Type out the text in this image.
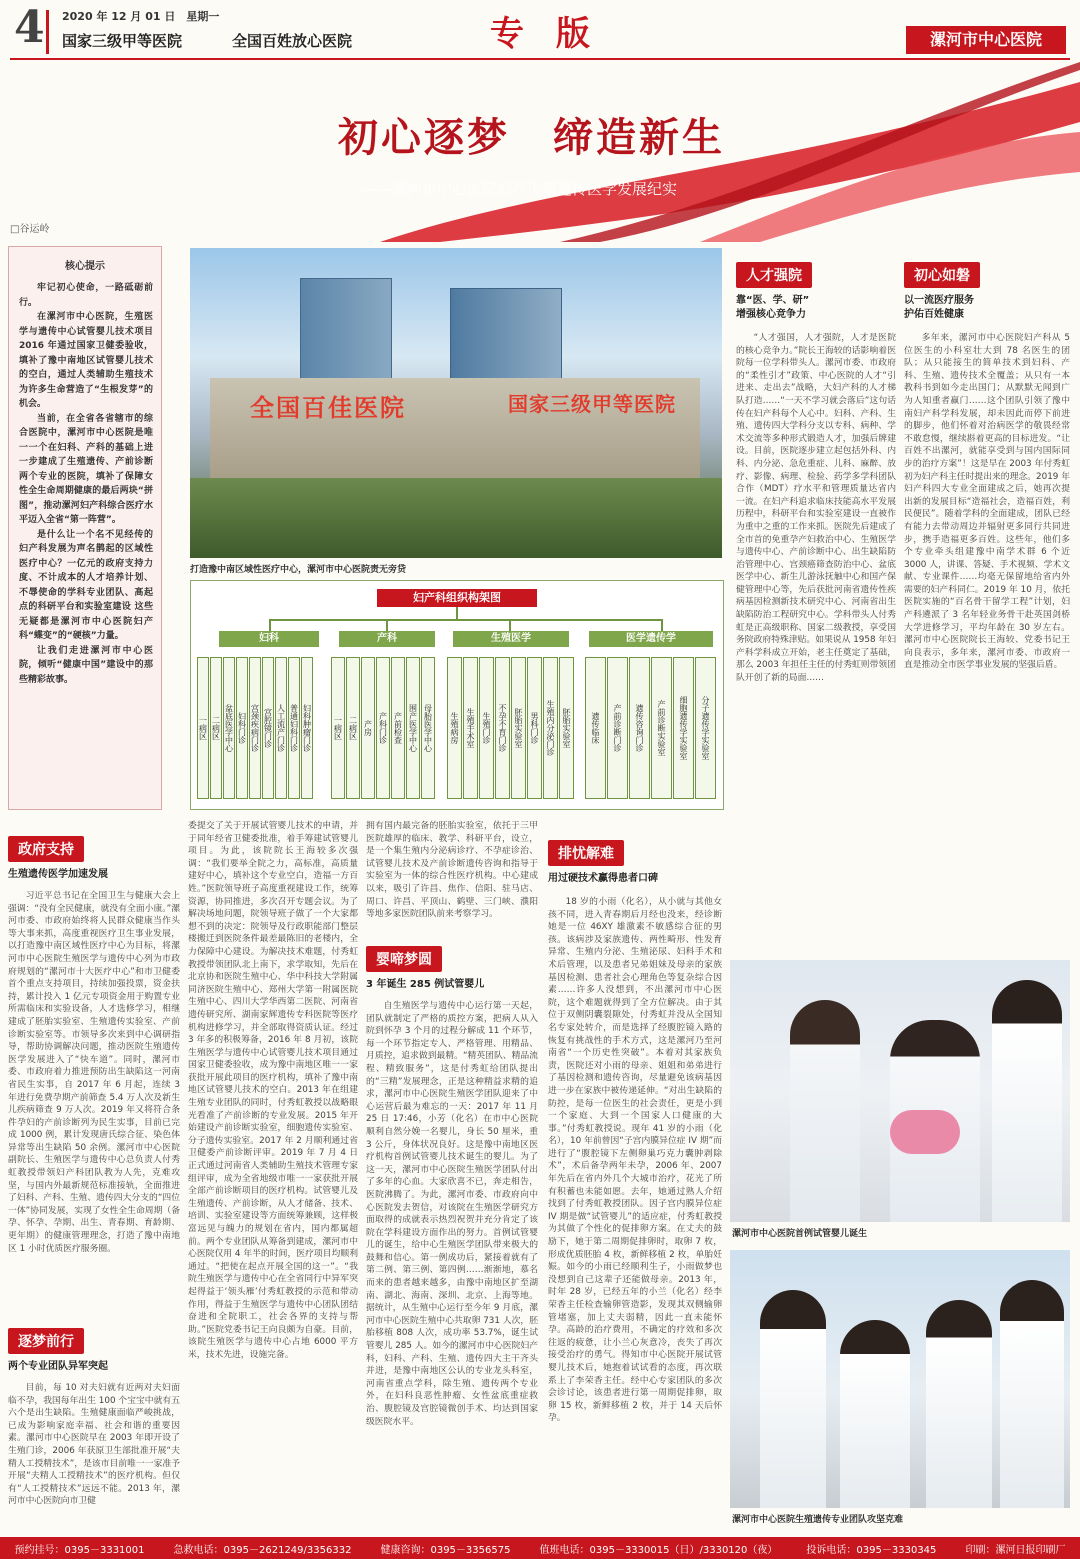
4 2020 年 12 月 01 日　星期一
国家三级甲等医院	全国百姓放心医院	专 版	漯河市中心医院
初心逐梦　缔造新生
——漯河市中心医院妇产生殖遗传医学发展纪实
□谷运岭
核心提示

牢记初心使命，一路砥砺前行。

在漯河市中心医院，生殖医学与遗传中心试管婴儿技术项目 2016 年通过国家卫健委验收，填补了豫中南地区试管婴儿技术的空白，通过人类辅助生殖技术为许多生命营造了“生根发芽”的机会。

当前，在全省各省辖市的综合医院中，漯河市中心医院是唯一一个在妇科、产科的基础上进一步建成了生殖遗传、产前诊断两个专业的医院，填补了保障女性全生命周期健康的最后两块“拼图”，推动漯河妇产科综合医疗水平迈入全省“第一阵营”。

是什么让一个名不见经传的妇产科发展为声名鹊起的区域性医疗中心？一亿元的政府支持力度、不计成本的人才培养计划、不辱使命的学科专业团队、高起点的科研平台和实验室建设 这些无疑都是漯河市中心医院妇产科“蝶变”的“硬核”力量。

让我们走进漯河市中心医院，倾听“健康中国”建设中的那些精彩故事。

全国百佳医院	国家三级甲等医院
打造豫中南区域性医疗中心，漯河市中心医院责无旁贷
妇产科组织构架图
妇科	产科	生殖医学	医学遗传学
一病区 二病区 盆底医学中心 妇科门诊 宫颈疾病门诊 宫腔镜门诊 人工流产门诊 普通妇科门诊 妇科肿瘤门诊	一病区 二病区 产房 产科门诊 产前检查 围产医学中心 母胎医学中心	生殖病房 生殖手术室 生殖门诊 不孕不育门诊 胚胎实验室 男科门诊 生殖内分泌门诊 胚胎实验室	遗传临床	产前诊断门诊	遗传咨询门诊	产前诊断实验室	细胞遗传学实验室	分子遗传学实验室
人才强院
靠“医、学、研”
增强核心竞争力

“人才强国，人才强院，人才是医院的核心竞争力。”院长王海较的话影响着医院每一位学科带头人。漯河市委、市政府的“柔性引才”政策、中心医院的人才“引进来、走出去”战略，大妇产科的人才梯队打造……“一天不学习就会落后”这句话传在妇产科每个人心中。妇科、产科、生殖、遗传四大学科分支以专科、病种、学术交流等多种形式锻造人才，加强后牌建设。目前，医院逐步建立起包括外科、内科、内分泌、急危重症、儿科、麻醉、放疗、影像、病理、检验、药学多学科团队合作（MDT）疗水平和管理质量达省内一流。在妇产科追求临床技能高水平发展历程中，科研平台和实验室建设一直被作为重中之重的工作来抓。医院先后建成了全市首的免重孕产妇救治中心、生殖医学与遗传中心、产前诊断中心、出生缺陷防治管理中心、宫颈癌筛查防治中心、盆底医学中心、新生儿游泳抚触中心和国产保健管理中心等，先后获批河南省遗传性疾病基因检测新技术研究中心、河南省出生缺陷防治工程研究中心。学科带头人付秀虹是正高级职称、国家二级教授，享受国务院政府特殊津贴。如果说从 1958 年妇产科学科成立开始，老主任奠定了基础，那么 2003 年担任主任的付秀虹则带领团队开创了新的局面……

初心如磐
以一流医疗服务
护佑百姓健康

多年来，漯河市中心医院妇产科从 5 位医生的小科室壮大到 78 名医生的团队；从只能接生的简单技术到妇科、产科、生殖、遗传技术全覆盖；从只有一本教科书到如今走出国门；从默默无闻到广为人知重者赢门……这个团队引领了豫中南妇产科学科发展，却未因此而停下前进的脚步，他们怀着对治病医学的敬畏经常不敢怠慢，继续斟着更高的目标进发。“让百姓不出漯河，就能享受到与国内国际同步的治疗方案”！这是早在 2003 年付秀虹初为妇产科主任时提出来的理念。2019 年妇产科四大专业全面建成之后，她再次提出新的发展目标“造福社会，造福百姓，利民便民”。随着学科的全面建成，团队已经有能力去带动周边并辐射更多同行共同进步，携手造福更多百姓。这些年，他们多个专业牵头组建豫中南学术群 6 个近 3000 人，讲课、答疑、手术视频、学术文献、专业课件……均毫无保留地给省内外需要的妇产科同仁。2019 年 10 月，依托医院实施的“百名骨干留学工程”计划，妇产科遴派了 3 名年轻业务骨干赴英国剑桥大学进修学习，平均年龄在 30 岁左右。漯河市中心医院院长王海较、党委书记王向良表示，多年来，漯河市委、市政府一直是推动全市医学事业发展的坚强后盾。

政府支持
生殖遗传医学加速发展

习近平总书记在全国卫生与健康大会上强调：“没有全民健康，就没有全面小康。”漯河市委、市政府始终将人民群众健康当作头等大事来抓，高度重视医疗卫生事业发展，以打造豫中南区域性医疗中心为目标，将漯河市中心医院生殖医学与遗传中心列为市政府规划的“漯河市十大医疗中心”和市卫健委首个重点支持项目，持续加强投票，资金扶持，累计投入 1 亿元专项资金用于购置专业所需临床和实验设备，人才选修学习，相继建成了胚胎实验室、生殖遗传实验室、产前诊断实验室等。市领导多次来到中心调研指导，帮助协调解决问题，推动医院生殖遗传医学发展进入了“快车道”。同时，漯河市委、市政府着力推进预防出生缺陷这一河南省民生实事，自 2017 年 6 月起，连续 3 年进行免费孕期产前筛查 5.4 万人次及新生儿疾病筛查 9 万人次。2019 年又将符合条件孕妇的产前诊断列为民生实事，目前已完成 1000 例，累计发现唐氏综合征、染色体异常等出生缺陷 50 余例。漯河市中心医院副院长、生殖医学与遗传中心总负责人付秀虹教授带领妇产科团队教为人先，克难攻坚，与国内外最新规范标准接轨，全面推进了妇科、产科、生殖、遗传四大分支的“四位一体”协同发展，实现了女性全生命周期（备孕、怀孕、孕期、出生、青春期、育龄期、更年期）的健康管理理念，打造了豫中南地区 1 小时优质医疗服务圈。

逐梦前行
两个专业团队异军突起

目前，每 10 对夫妇就有近两对夫妇面临不孕，我国每年出生 100 个宝宝中就有五六个是出生缺陷。生殖健康面临严峻挑战，已成为影响家庭幸福、社会和谐的重要因素。漯河市中心医院早在 2003 年即开设了生殖门诊，2006 年获原卫生部批准开展“夫精人工授精技术”，是该市目前唯一一家准予开展“夫精人工授精技术”的医疗机构。但仅有“人工授精技术”远远不能。2013 年，漯河市中心医院向市卫健

委提交了关于开展试管婴儿技术的申请，并于同年经省卫健委批准，着手筹建试管婴儿项目。为此，该院院长王海较多次强调：“我们要举全院之力，高标准，高质量建好中心，填补这个专业空白，造福一方百姓。”医院领导班子高度重视建设工作，统筹资源，协同推进，多次召开专题会议。为了解决场地问题，院领导班子做了一个大家都想不到的决定：院领导及行政职能部门整层楼搬迁到医院条件最差最陈旧的老楼内，全力保障中心建设。为解决技术难题，付秀虹教授带领团队北上南下，求学取知，先后在北京协和医院生殖中心、华中科技大学附属同济医院生殖中心、郑州大学第一附属医院生殖中心、四川大学华西第二医院、河南省遗传研究所、湖南家辉遗传专科医院等医疗机构进修学习，并全部取得资质认证。经过 3 年多的积极筹备，2016 年 8 月初，该院生殖医学与遗传中心试管婴儿技术项目通过国家卫健委验收，成为豫中南地区唯一一家获批开展此项目的医疗机构，填补了豫中南地区试管婴儿技术的空白。2013 年在组建生殖专业团队的同时，付秀虹教授以战略眼光看准了产前诊断的专业发展。2015 年开始建设产前诊断实验室，细胞遗传实验室、分子遗传实验室。2017 年 2 月顺利通过省卫健委产前诊断评审。2019 年 7 月 4 日正式通过河南省人类辅助生殖技术管理专家组评审，成为全省地级市唯一一家获批开展全部产前诊断项目的医疗机构。试管婴儿及生殖遗传、产前诊断，从人才储备、技术、培训、实验室建设等方面统筹兼顾，这样极富远见与魄力的规划在省内，国内都属超前。两个专业团队从筹备到建成，漯河市中心医院仅用 4 年半的时间，医疗项目均顺利通过。“把使在起点开展全国的这一”。“我院生殖医学与遗传中心在全省同行中异军突起得益于‘领头雁’付秀虹教授的示范和带动作用，得益于生殖医学与遗传中心团队团结奋进和全院职工，社会各界的支持与帮助。”医院党委书记王向良颇为自豪。目前，该院生殖医学与遗传中心占地 6000 平方米，技术先进，设施完备。

拥有国内最完备的胚胎实验室，依托于三甲医院雄厚的临床、教学、科研平台，设立，是一个集生殖内分泌病诊疗、不孕症诊治、试管婴儿技术及产前诊断遗传咨询和指导于实验室为一体的综合性医疗机构。中心建成以来，吸引了许昌、焦作、信阳、驻马店、周口、许昌、平顶山、鹤壁、三门峡、濮阳等地多家医院团队前来考察学习。

婴啼梦圆
3 年诞生 285 例试管婴儿

自生殖医学与遗传中心运行第一天起，团队就制定了严格的质控方案，把病人从入院到怀孕 3 个月的过程分解成 11 个环节，每一个环节指定专人、严格管理、用精品、月质控，追求做到最精。“精英团队、精品流程、精致服务”，这是付秀虹给团队提出的“三精”发展理念，正是这种精益求精的追求，漯河市中心医院生殖医学团队迎来了中心运营后最为难忘的一天：2017 年 11 月 25 日 17:46，小芳（化名）在市中心医院顺利自然分娩一名婴儿，身长 50 厘米，重 3 公斤，身体状况良好。这是豫中南地区医疗机构首例试管婴儿技术诞生的婴儿。为了这一天，漯河市中心医院生殖医学团队付出了多年的心血。大家欣喜不已，奔走相告，医院沸腾了。为此，漯河市委、市政府向中心医院发去贺信，对该院在生殖医学研究方面取得的成就表示热烈祝贺并充分肯定了该院在学科建设方面作出的努力。首例试管婴儿的诞生，给中心生殖医学团队带来极大的鼓舞和信心。第一例成功后，紧接着就有了第二例、第三例、第四例……渐渐地，慕名而来的患者越来越多，由豫中南地区扩至湖南、湖北、海南、深圳、北京、上海等地。据统计，从生殖中心运行至今年 9 月底，漯河市中心医院生殖中心共取卵 731 人次，胚胎移植 808 人次，成功率 53.7%，诞生试管婴儿 285 人。如今的漯河市中心医院妇产科，妇科、产科、生殖、遗传四大主干齐头并进，是豫中南地区公认的专业龙头科室，河南省重点学科，除生殖、遗传两个专业外，在妇科良恶性肿瘤、女性盆底重症救治、腹腔镜及宫腔镜微创手术、均达到国家级医院水平。

排忧解难
用过硬技术赢得患者口碑

18 岁的小雨（化名），从小就与其他女孩不同，进入青春期后月经也没来，经诊断她是一位 46XY 雄激素不敏感综合征的男孩。该病涉及家族遗传、两性畸形、性发育异常、生殖内分泌、生殖泌尿、妇科手术和术后管理，以及患者兄弟姐妹及母亲的家族基因检测、患者社会心理角色等复杂综合因素……许多人没想到，不出漯河市中心医院，这个难题就得到了全方位解决。由于其位于双侧阴囊裂隙处，付秀虹并没从全国知名专家处转介，而是选择了经腹腔镜入路的恢复有挑战性的手术方式，这是漯河乃至河南省“一个历史性突破”。本着对其家族负责，医院还对小雨的母亲、姐姐和弟弟进行了基因检测和遗传咨询，尽量避免该病基因进一步在家族中被传递延伸。“对出生缺陷的防控，是每一位医生的社会责任，更是小到一个家庭、大到一个国家人口健康的大事。”付秀虹教授说。现年 41 岁的小雨（化名），10 年前曾因“子宫内膜异位症 IV 期”而进行了“腹腔镜下左侧卵巢巧克力囊肿剥除术”，术后备孕两年未孕，2006 年、2007 年先后在省内外几个大城市治疗，花光了所有积蓄也未能如愿。去年，她通过熟人介绍找到了付秀虹教授团队。因子宫内膜异位症 IV 期是做“试管婴儿”的适应症，付秀虹教授为其做了个性化的促排卵方案。在丈夫的鼓励下，她于第二周期促排卵时，取卵 7 枚，形成优质胚胎 4 枚，新鲜移植 2 枚，单胎妊娠。如今的小雨已经顺利生子，小雨做梦也没想到自己这辈子还能做母亲。2013 年，时年 28 岁，已经五年的小兰（化名）经李荣香主任检查输卵管造影，发现其双侧输卵管堵塞，加上丈夫弱精，因此一直未能怀孕。高龄的治疗费用，不确定的疗效和多次往返的疲惫，让小兰心灰意冷，丧失了再次接受治疗的勇气。得知市中心医院开展试管婴儿技术后，她抱着试试看的态度，再次联系上了李荣香主任。经中心专家团队的多次会诊讨论，该患者进行第一周期促排卵，取卵 15 枚，新鲜移植 2 枚，并于 14 天后怀孕。

漯河市中心医院首例试管婴儿诞生
漯河市中心医院生殖遗传专业团队攻坚克难
预约挂号：0395－3331001	急救电话：0395－2621249/3356332	健康咨询：0395－3356575	值班电话：0395－3330015（日）/3330120（夜）	投诉电话：0395－3330345	印刷：漯河日报印刷厂
